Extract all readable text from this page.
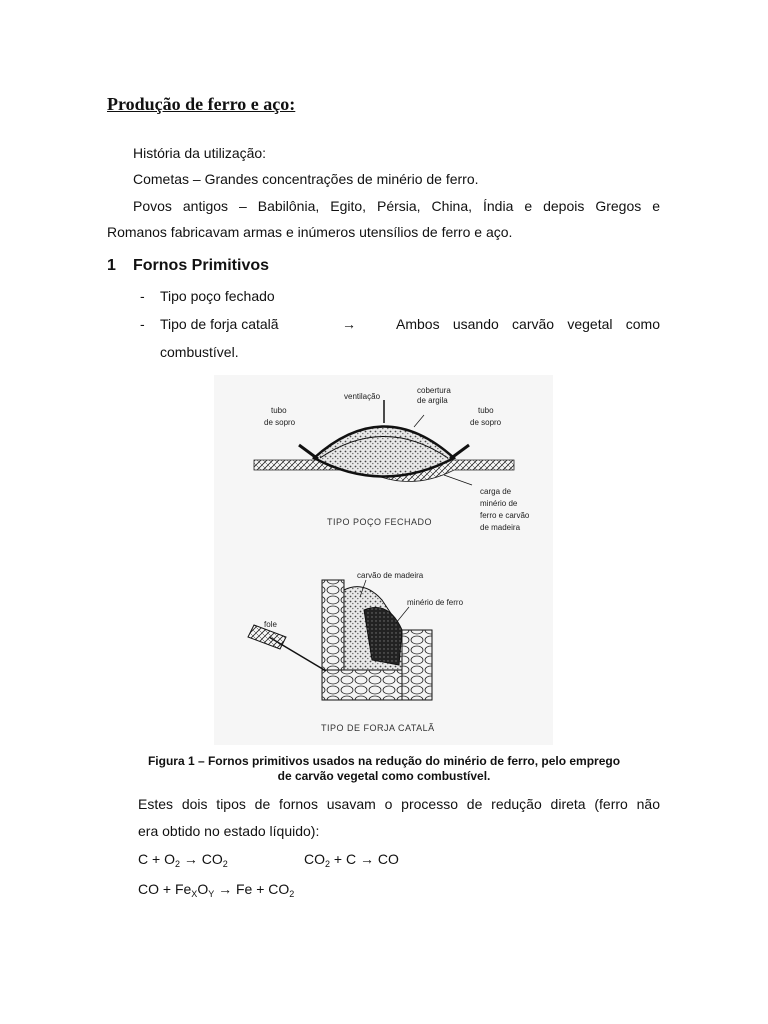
Produção de ferro e aço:
História da utilização:
Cometas – Grandes concentrações de minério de ferro.
Povos antigos – Babilônia, Egito, Pérsia, China, Índia e depois Gregos e
Romanos fabricavam armas e inúmeros utensílios de ferro e aço.
1 Fornos Primitivos
- Tipo poço fechado
- Tipo de forja catalã	→	Ambos usando carvão vegetal como
combustível.
ventilação
cobertura
de argila
tubo
de sopro
tubo
de sopro
carga de
minério de
ferro e carvão
de madeira
TIPO POÇO FECHADO
carvão de madeira
minério de ferro
fole
TIPO DE FORJA CATALÃ
Figura 1 – Fornos primitivos usados na redução do minério de ferro, pelo emprego
de carvão vegetal como combustível.
Estes dois tipos de fornos usavam o processo de redução direta (ferro não
era obtido no estado líquido):
$C + O_2 \to CO_2$	$CO_2 + C$ → CO
CO + $Fe_XO_Y \to Fe + CO_2$
